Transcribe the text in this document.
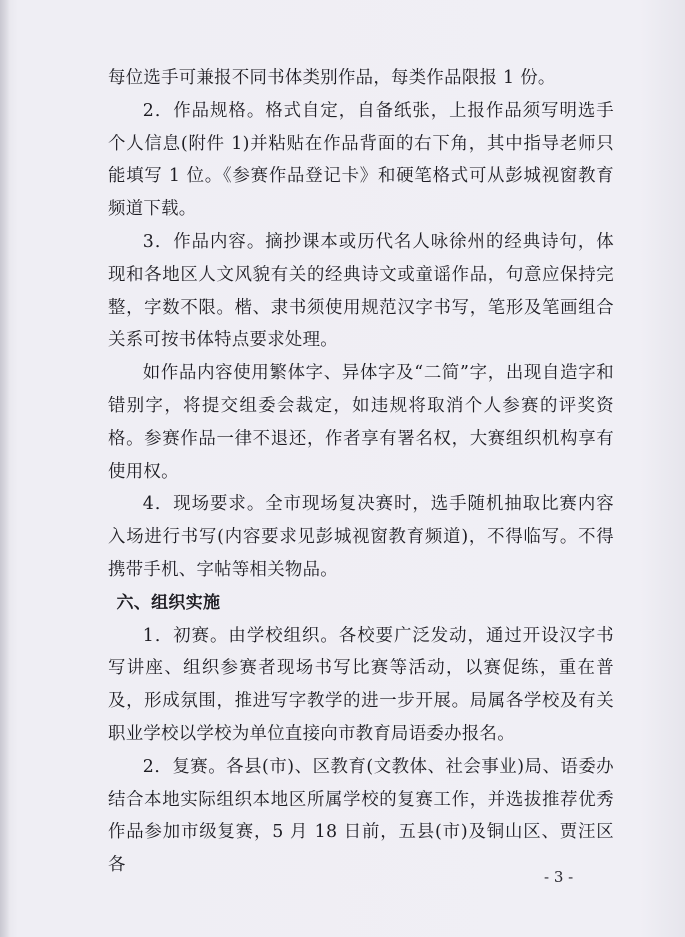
每位选手可兼报不同书体类别作品，每类作品限报 1 份。

2．作品规格。格式自定，自备纸张，上报作品须写明选手个人信息(附件 1)并粘贴在作品背面的右下角，其中指导老师只能填写 1 位。《参赛作品登记卡》和硬笔格式可从彭城视窗教育频道下载。

3．作品内容。摘抄课本或历代名人咏徐州的经典诗句，体现和各地区人文风貌有关的经典诗文或童谣作品，句意应保持完整，字数不限。楷、隶书须使用规范汉字书写，笔形及笔画组合关系可按书体特点要求处理。

如作品内容使用繁体字、异体字及“二简”字，出现自造字和错别字，将提交组委会裁定，如违规将取消个人参赛的评奖资格。参赛作品一律不退还，作者享有署名权，大赛组织机构享有使用权。

4．现场要求。全市现场复决赛时，选手随机抽取比赛内容入场进行书写(内容要求见彭城视窗教育频道)，不得临写。不得携带手机、字帖等相关物品。

六、组织实施

1．初赛。由学校组织。各校要广泛发动，通过开设汉字书写讲座、组织参赛者现场书写比赛等活动，以赛促练，重在普及，形成氛围，推进写字教学的进一步开展。局属各学校及有关职业学校以学校为单位直接向市教育局语委办报名。

2．复赛。各县(市)、区教育(文教体、社会事业)局、语委办结合本地实际组织本地区所属学校的复赛工作，并选拔推荐优秀作品参加市级复赛，5 月 18 日前，五县(市)及铜山区、贾汪区各

- 3 -
